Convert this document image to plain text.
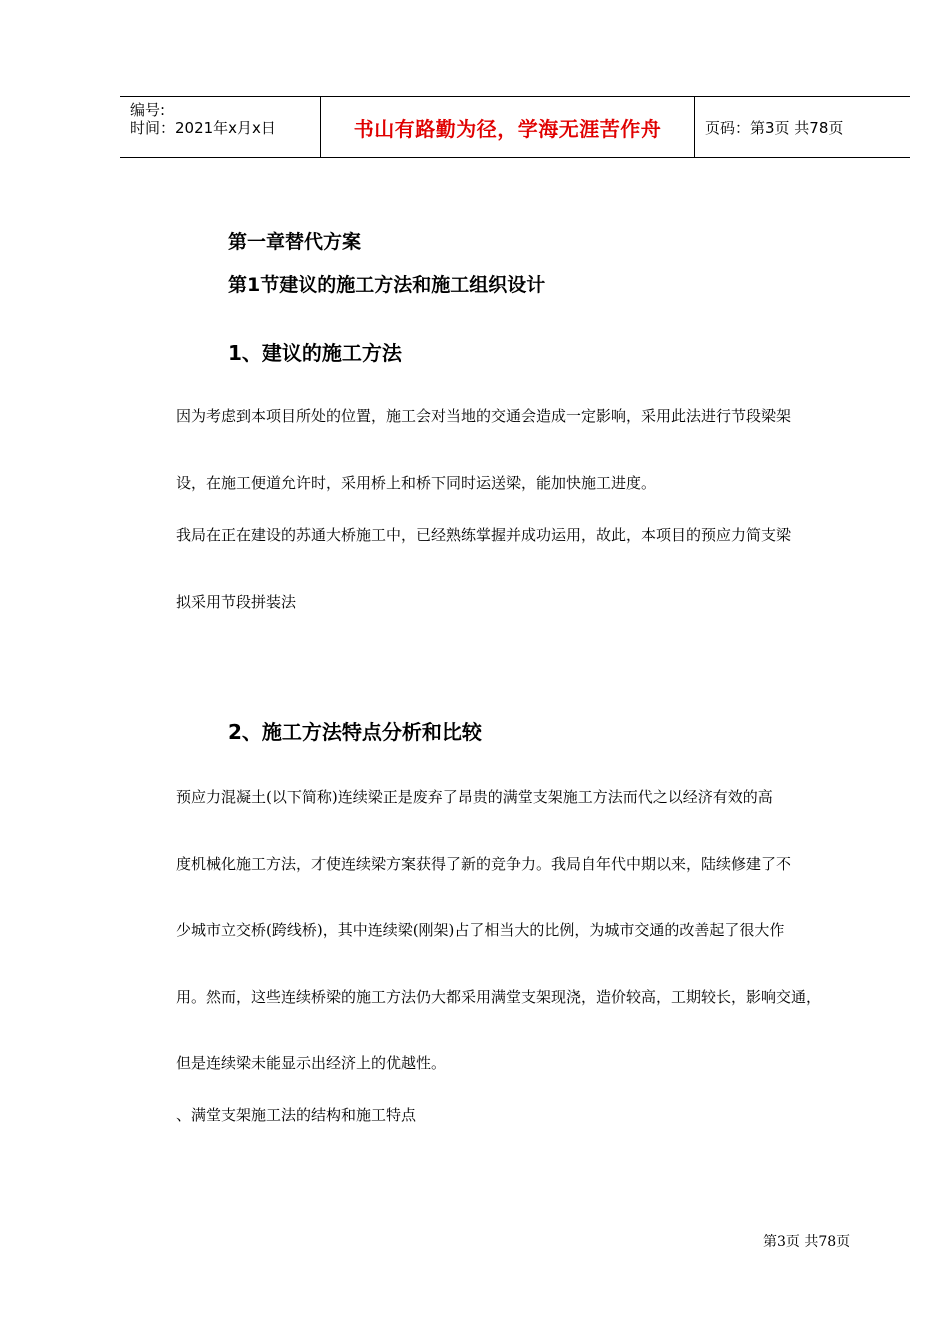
编号:
时间：2021年x月x日	书山有路勤为径，学海无涯苦作舟	页码：第3页 共78页
第一章替代方案
第1节建议的施工方法和施工组织设计
1、建议的施工方法
因为考虑到本项目所处的位置，施工会对当地的交通会造成一定影响，采用此法进行节段梁架
设，在施工便道允许时，采用桥上和桥下同时运送梁，能加快施工进度。
我局在正在建设的苏通大桥施工中，已经熟练掌握并成功运用，故此，本项目的预应力简支梁
拟采用节段拼装法
2、施工方法特点分析和比较
预应力混凝土(以下简称)连续梁正是废弃了昂贵的满堂支架施工方法而代之以经济有效的高
度机械化施工方法，才使连续梁方案获得了新的竞争力。我局自年代中期以来，陆续修建了不
少城市立交桥(跨线桥)，其中连续梁(刚架)占了相当大的比例，为城市交通的改善起了很大作
用。然而，这些连续桥梁的施工方法仍大都采用满堂支架现浇，造价较高，工期较长，影响交通，
但是连续梁未能显示出经济上的优越性。
、满堂支架施工法的结构和施工特点
第3页 共78页
